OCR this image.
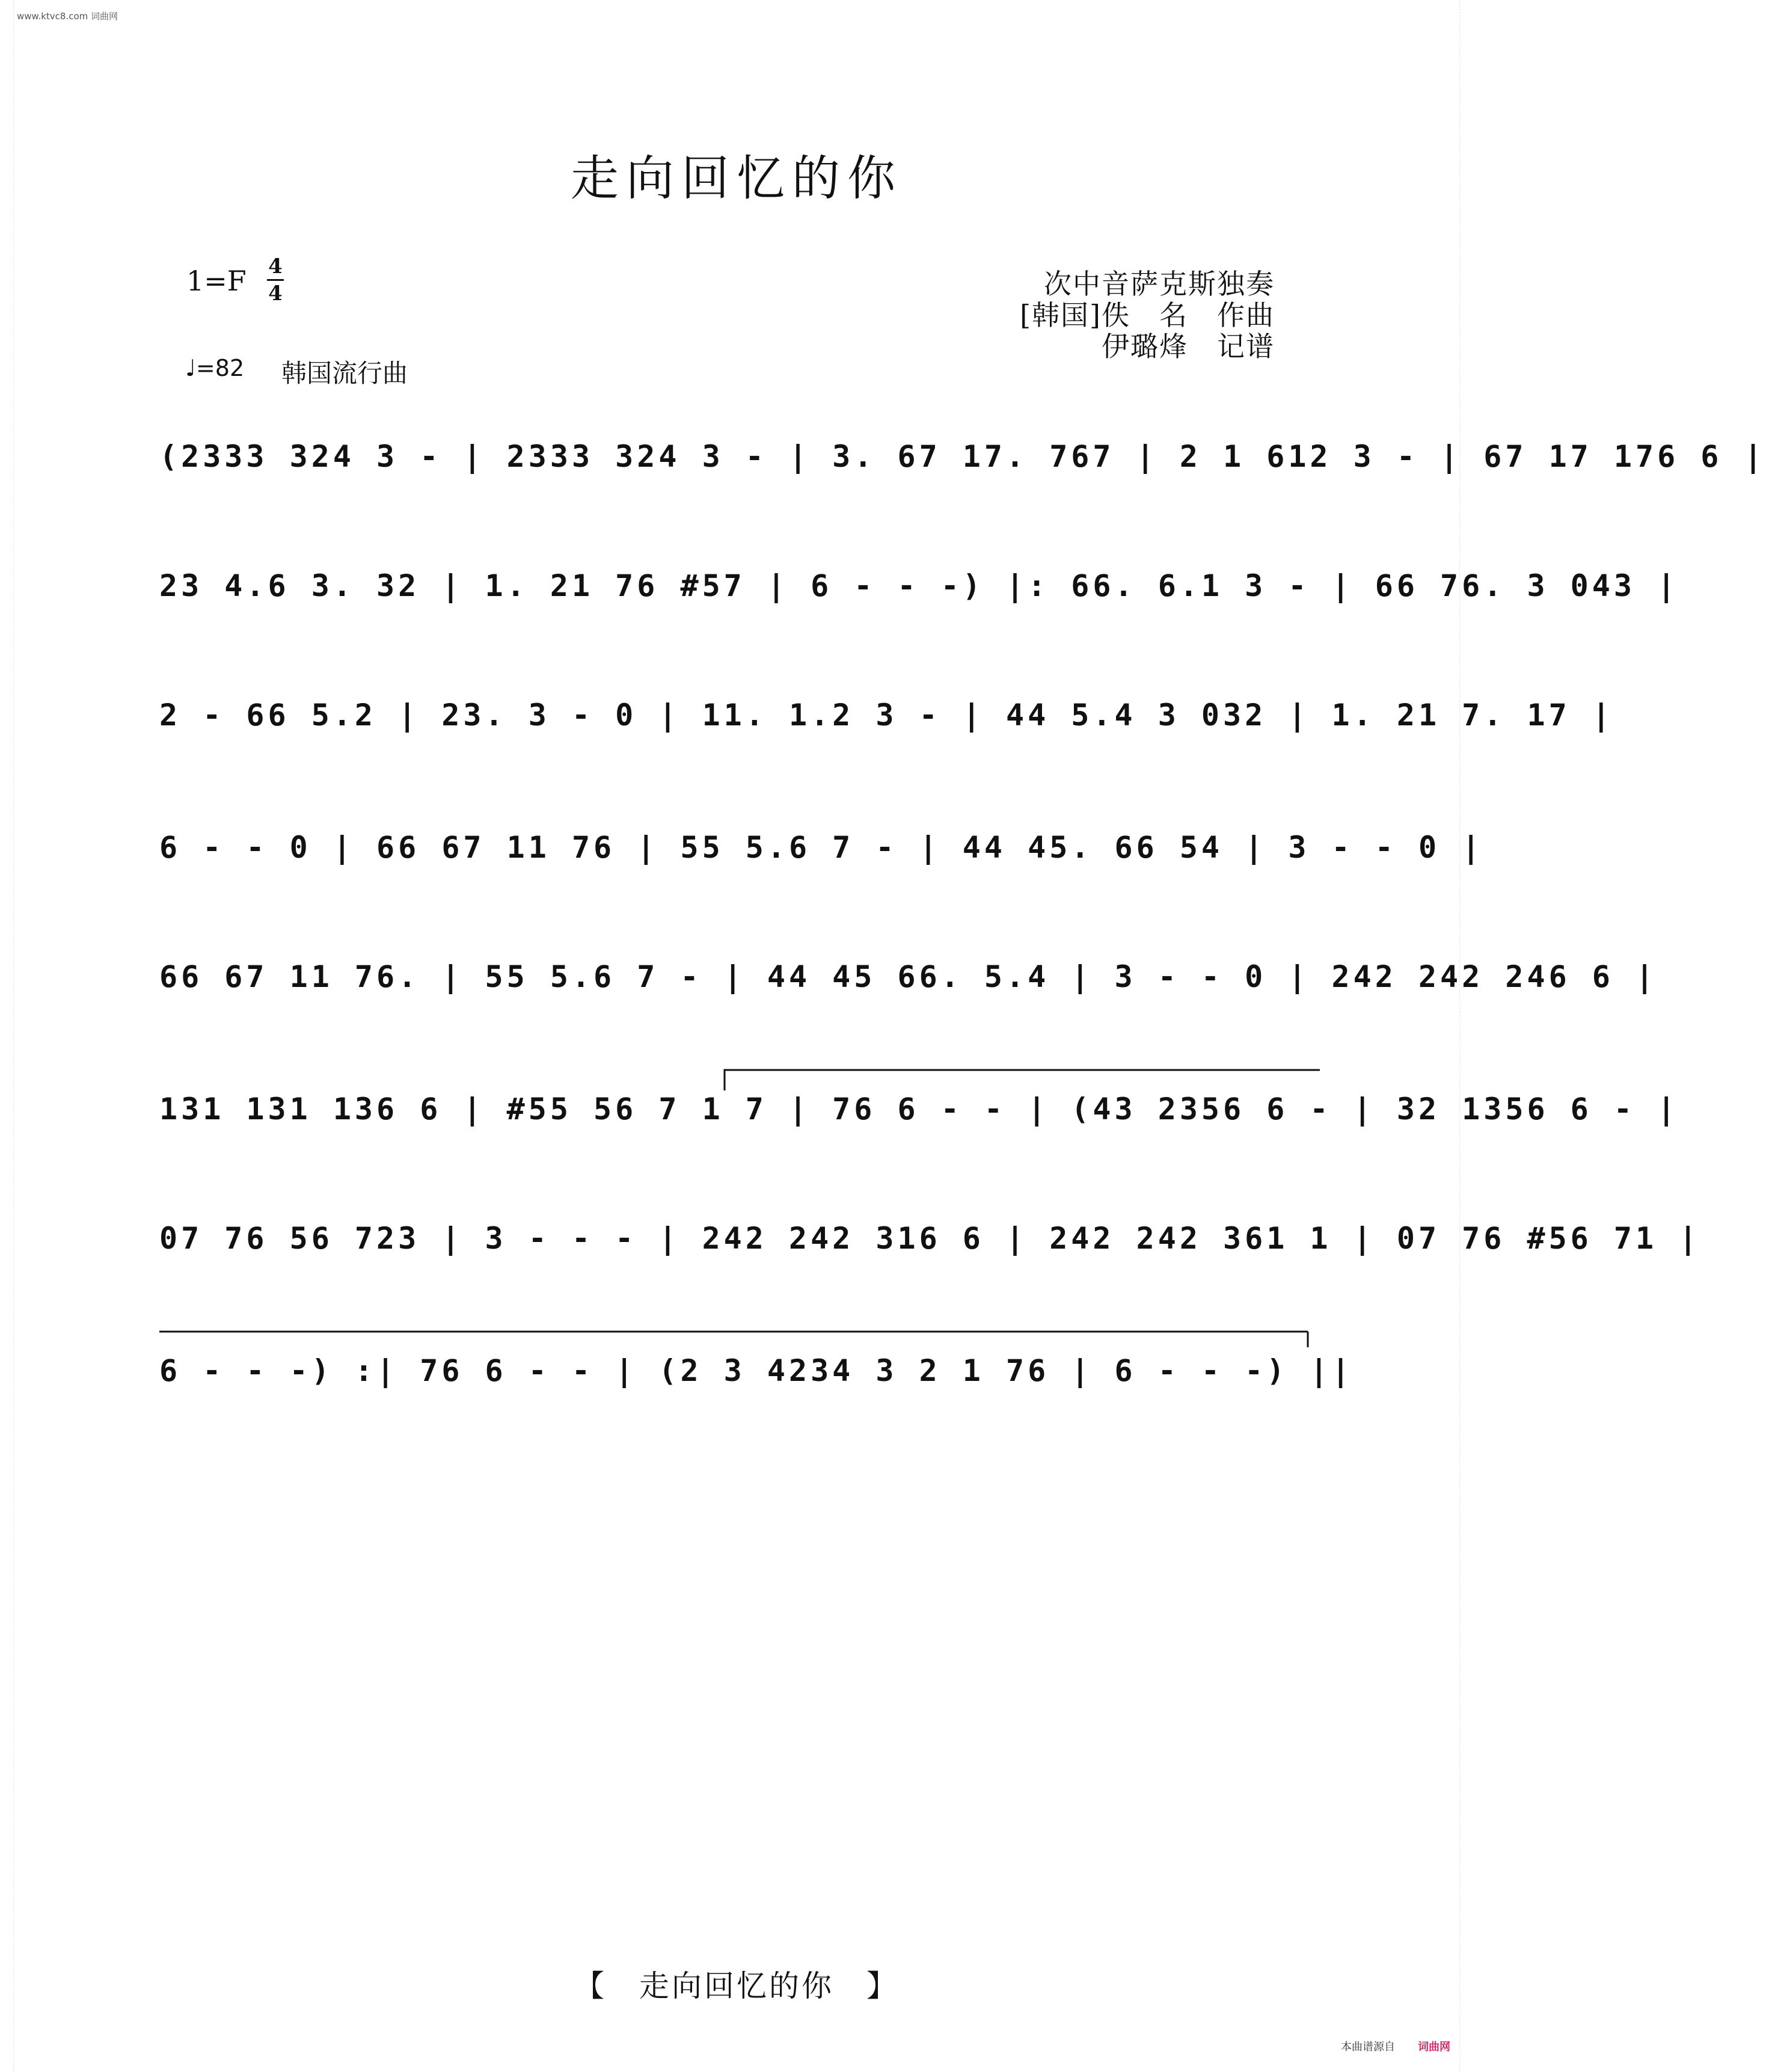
www.ktvc8.com 词曲网
走向回忆的你
1=F 4
4
♩=82 韩国流行曲
次中音萨克斯独奏
[韩国]佚　名　作曲
伊璐烽　记谱
(2333 324 3 - | 2333 324 3 - | 3. 67 17. 767 | 2 1 612 3 - | 67 17 176 6 |
23 4.6 3. 32 | 1. 21 76 #57 | 6 - - -) |: 66. 6.1 3 - | 66 76. 3 043 |
2 - 66 5.2 | 23. 3 - 0 | 11. 1.2 3 - | 44 5.4 3 032 | 1. 21 7. 17 |
6 - - 0 | 66 67 11 76 | 55 5.6 7 - | 44 45. 66 54 | 3 - - 0 |
66 67 11 76. | 55 5.6 7 - | 44 45 66. 5.4 | 3 - - 0 | 242 242 246 6 |
131 131 136 6 | #55 56 7 1 7 | 76 6 - - | (43 2356 6 - | 32 1356 6 - |
07 76 56 723 | 3 - - - | 242 242 316 6 | 242 242 361 1 | 07 76 #56 71 |
6 - - -) :| 76 6 - - | (2 3 4234 3 2 1 76 | 6 - - -) ||
【　走向回忆的你　】
本曲谱源自 词曲网
